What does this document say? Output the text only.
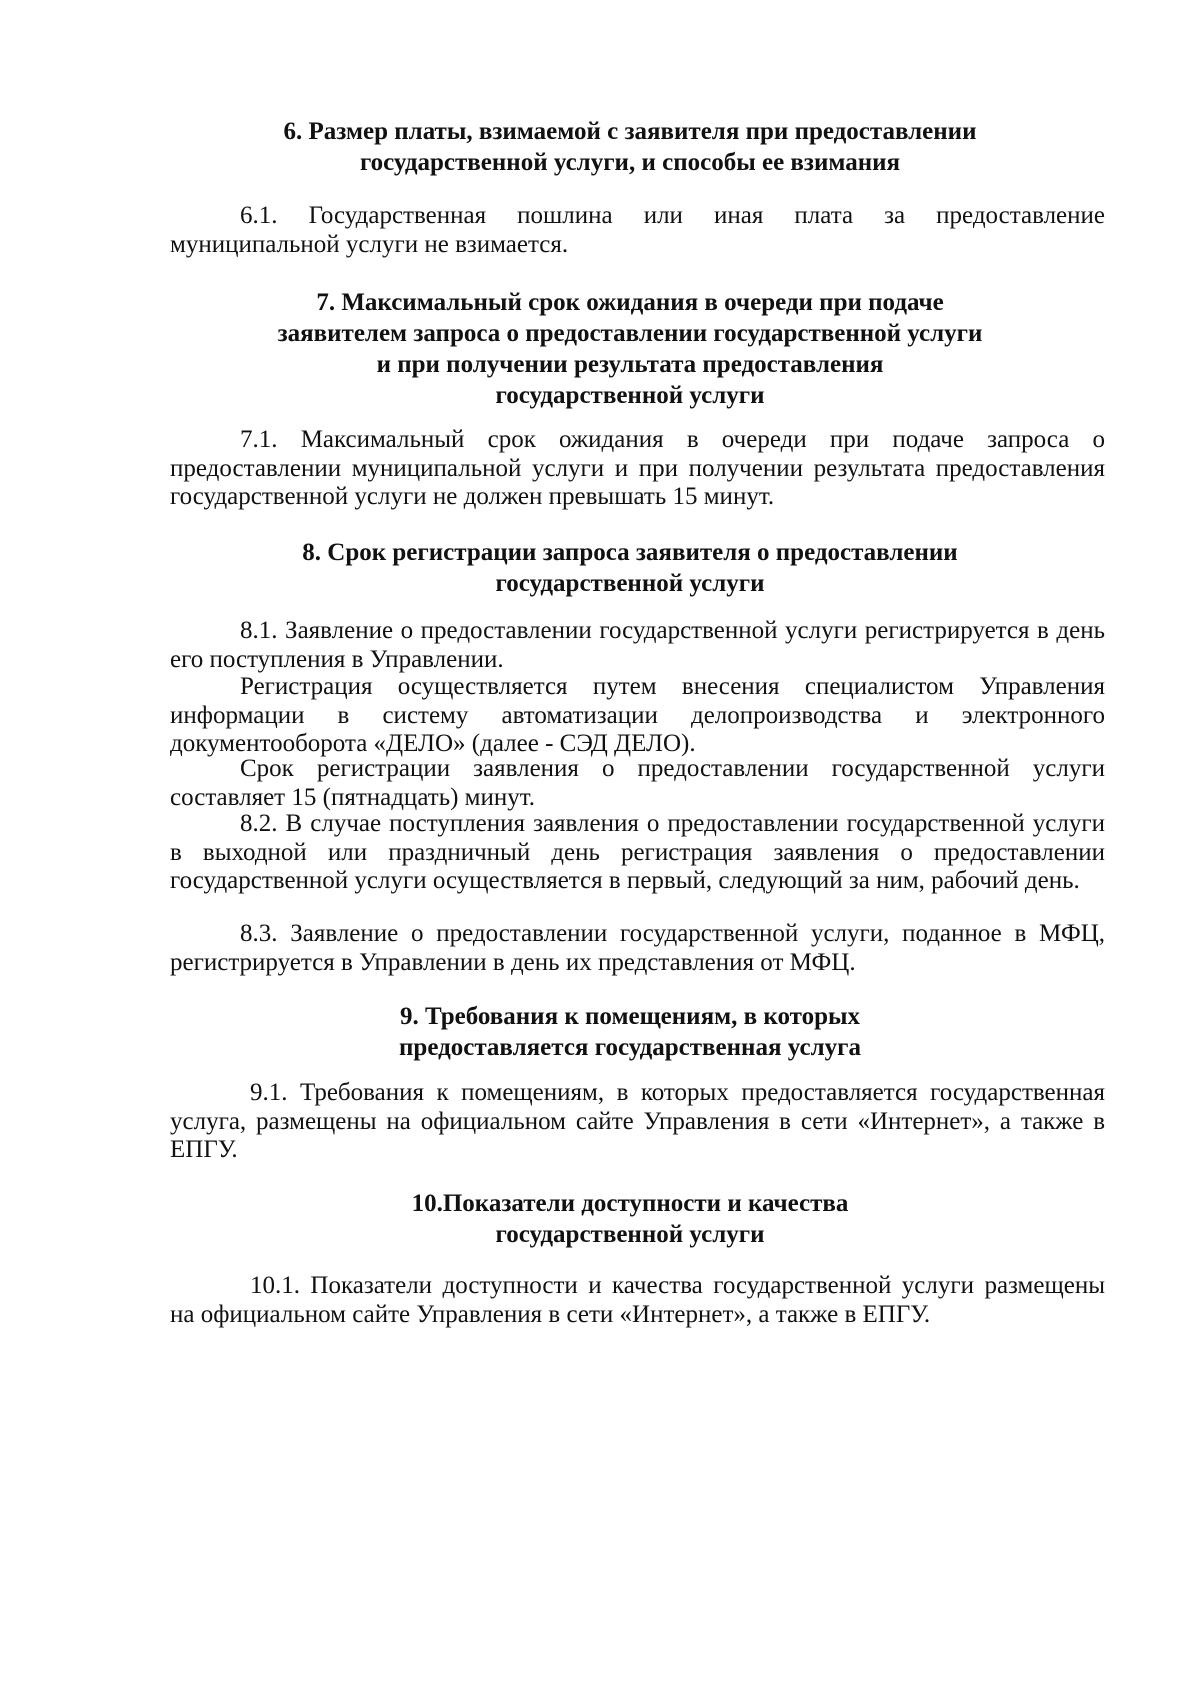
6. Размер платы, взимаемой с заявителя при предоставлении
государственной услуги, и способы ее взимания

6.1. Государственная пошлина или иная плата за предоставление муниципальной услуги не взимается.

7. Максимальный срок ожидания в очереди при подаче
заявителем запроса о предоставлении государственной услуги
и при получении результата предоставления
государственной услуги

7.1. Максимальный срок ожидания в очереди при подаче запроса о предоставлении муниципальной услуги и при получении результата предоставления государственной услуги не должен превышать 15 минут.

8. Срок регистрации запроса заявителя о предоставлении
государственной услуги

8.1. Заявление о предоставлении государственной услуги регистрируется в день его поступления в Управлении.

Регистрация осуществляется путем внесения специалистом Управления информации в систему автоматизации делопроизводства и электронного документооборота «ДЕЛО» (далее - СЭД ДЕЛО).

Срок регистрации заявления о предоставлении государственной услуги составляет 15 (пятнадцать) минут.

8.2. В случае поступления заявления о предоставлении государственной услуги в выходной или праздничный день регистрация заявления о предоставлении государственной услуги осуществляется в первый, следующий за ним, рабочий день.

8.3. Заявление о предоставлении государственной услуги, поданное в МФЦ, регистрируется в Управлении в день их представления от МФЦ.

9. Требования к помещениям, в которых
предоставляется государственная услуга

9.1. Требования к помещениям, в которых предоставляется государственная услуга, размещены на официальном сайте Управления в сети «Интернет», а также в ЕПГУ.

10.Показатели доступности и качества
государственной услуги

10.1. Показатели доступности и качества государственной услуги размещены на официальном сайте Управления в сети «Интернет», а также в ЕПГУ.
